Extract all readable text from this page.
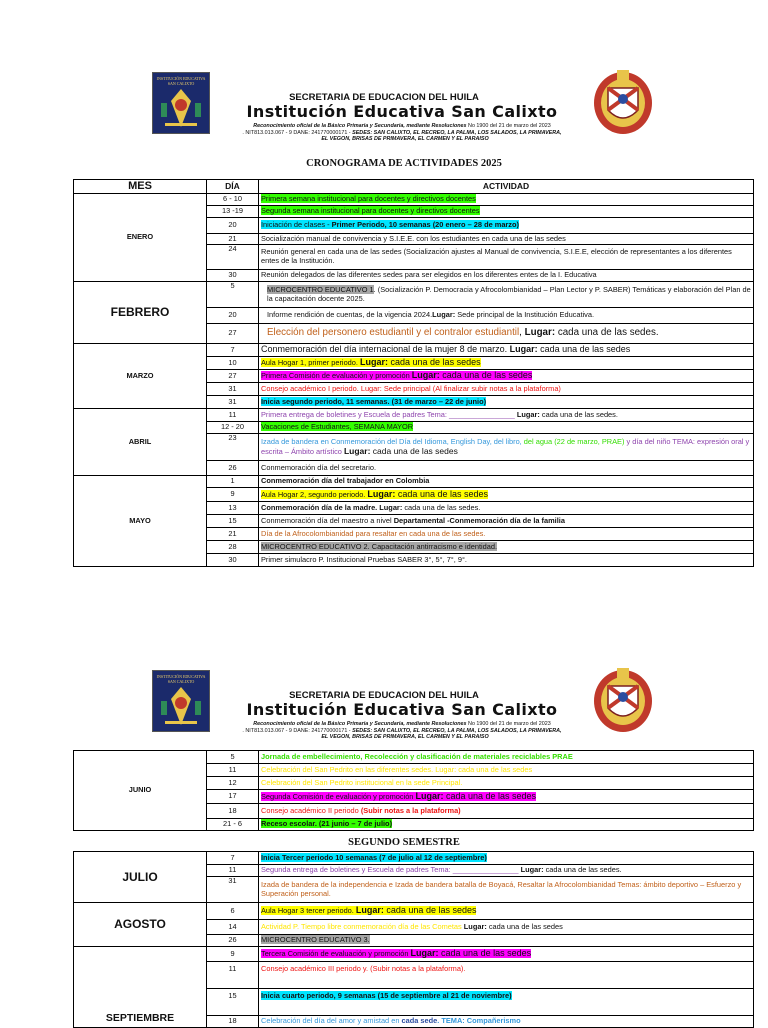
INSTITUCIÓN EDUCATIVA SAN CALIXTO
SECRETARIA DE EDUCACION DEL HUILA
Institución Educativa San Calixto
Reconocimiento oficial de la Básico Primaria y Secundaria, mediante Resoluciones No 1900 del 21 de marzo del 2023
. NIT813.013.067 - 9 DANE: 241770000171 - SEDES: SAN CALIXTO, EL RECREO, LA PALMA, LOS SALADOS, LA PRIMAVERA,
EL VEGON, BRISAS DE PRIMAVERA, EL CARMEN Y EL PARAISO
CRONOGRAMA DE ACTIVIDADES 2025
MES	DÍA	ACTIVIDAD
ENERO	6 - 10	Primera semana institucional para docentes y directivos docentes
	13 -19	Segunda semana institucional para docentes y directivos docentes
	20	Iniciación de clases - Primer Periodo, 10 semanas (20 enero – 28 de marzo)
	21	Socialización manual de convivencia y S.I.E.E. con los estudiantes en cada una de las sedes
	24	Reunión general en cada una de las sedes (Socialización ajustes al Manual de convivencia, S.I.E.E, elección de representantes a los diferentes entes de la Institución.

	30	Reunión delegados de las diferentes sedes para ser elegidos en los diferentes entes de la I. Educativa
FEBRERO	5	MICROCENTRO EDUCATIVO 1. (Socialización P. Democracia y Afrocolombianidad – Plan Lector y P. SABER) Temáticas y elaboración del Plan de la capacitación docente 2025.
	20	Informe rendición de cuentas, de la vigencia 2024.Lugar: Sede principal de la Institución Educativa.
	27	Elección del personero estudiantil y el contralor estudiantil, Lugar: cada una de las sedes.
MARZO	7	Conmemoración del día internacional de la mujer 8 de marzo. Lugar: cada una de las sedes
	10	Aula Hogar 1, primer periodo. Lugar: cada una de las sedes
	27	Primera Comisión de evaluación y promoción Lugar: cada una de las sedes
	31	Consejo académico I periodo. Lugar: Sede principal (Al finalizar subir notas a la plataforma)
	31	Inicia segundo periodo, 11 semanas. (31 de marzo – 22 de junio)
ABRIL	11	Primera entrega de boletines y Escuela de padres Tema: ________________ Lugar: cada una de las sedes.
	12 - 20	Vacaciones de Estudiantes, SEMANA MAYOR
	23	Izada de bandera en Conmemoración del Día del Idioma, English Day, del libro, del agua (22 de marzo, PRAE) y día del niño TEMA: expresión oral y escrita – Ámbito artístico Lugar: cada una de las sedes
	26	Conmemoración día del secretario.
MAYO	1	Conmemoración día del trabajador en Colombia
	9	Aula Hogar 2, segundo periodo. Lugar: cada una de las sedes
	13	Conmemoración día de la madre. Lugar: cada una de las sedes.
	15	Conmemoración día del maestro a nivel Departamental -Conmemoración día de la familia
	21	Día de la Afrocolombianidad para resaltar en cada una de las sedes.
	28	MICROCENTRO EDUCATIVO 2. Capacitación antirracismo e identidad.
	30	Primer simulacro P. Institucional Pruebas SABER 3°, 5°, 7°, 9°.
INSTITUCIÓN EDUCATIVA SAN CALIXTO
SECRETARIA DE EDUCACION DEL HUILA
Institución Educativa San Calixto
Reconocimiento oficial de la Básico Primaria y Secundaria, mediante Resoluciones No 1900 del 21 de marzo del 2023
. NIT813.013.067 - 9 DANE: 241770000171 - SEDES: SAN CALIXTO, EL RECREO, LA PALMA, LOS SALADOS, LA PRIMAVERA,
EL VEGON, BRISAS DE PRIMAVERA, EL CARMEN Y EL PARAISO
JUNIO	5	Jornada de embellecimiento, Recolección y clasificación de materiales reciclables PRAE
	11	Celebración del San Pedrito en las diferentes sedes. Lugar: cada una de las sedes
	12	Celebración del San Pedrito institucional en la sede Principal.
	17	Segunda Comisión de evaluación y promoción Lugar: cada una de las sedes
	18	Consejo académico II periodo (Subir notas a la plataforma)
	21 - 6	Receso escolar. (21 junio – 7 de julio)
SEGUNDO SEMESTRE
JULIO	7	Inicia Tercer periodo 10 semanas (7 de julio al 12 de septiembre)
	11	Segunda entrega de boletines y Escuela de padres Tema: ________________ Lugar: cada una de las sedes.
	31	Izada de bandera de la independencia e Izada de bandera batalla de Boyacá, Resaltar la Afrocolombianidad Temas: ámbito deportivo – Esfuerzo y Superación personal.
AGOSTO	6	Aula Hogar 3 tercer periodo. Lugar: cada una de las sedes
	14	Actividad P. Tiempo libre conmemoración día de las Cometas Lugar: cada una de las sedes
	26	MICROCENTRO EDUCATIVO 3.
SEPTIEMBRE	9	Tercera Comisión de evaluación y promoción Lugar: cada una de las sedes
	11	Consejo académico III periodo y. (Subir notas a la plataforma).
	15	Inicia cuarto periodo, 9 semanas (15 de septiembre al 21 de noviembre)
	18	Celebración del día del amor y amistad en cada sede. TEMA: Compañerismo
